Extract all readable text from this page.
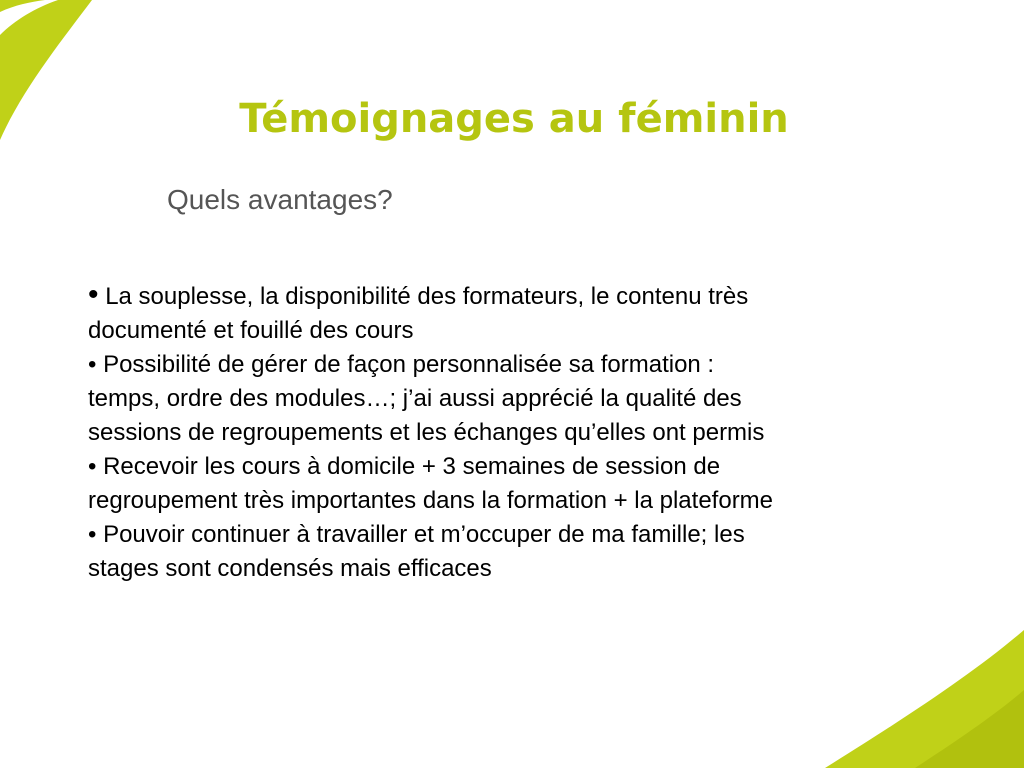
Témoignages au féminin
Quels avantages?

• La souplesse, la disponibilité des formateurs, le contenu très

documenté et fouillé des cours

• Possibilité de gérer de façon personnalisée sa formation :

temps, ordre des modules…; j’ai aussi apprécié la qualité des

sessions de regroupements et les échanges qu’elles ont permis

• Recevoir les cours à domicile + 3 semaines de session de

regroupement très importantes dans la formation + la plateforme

• Pouvoir continuer à travailler et m’occuper de ma famille; les

stages sont condensés mais efficaces
